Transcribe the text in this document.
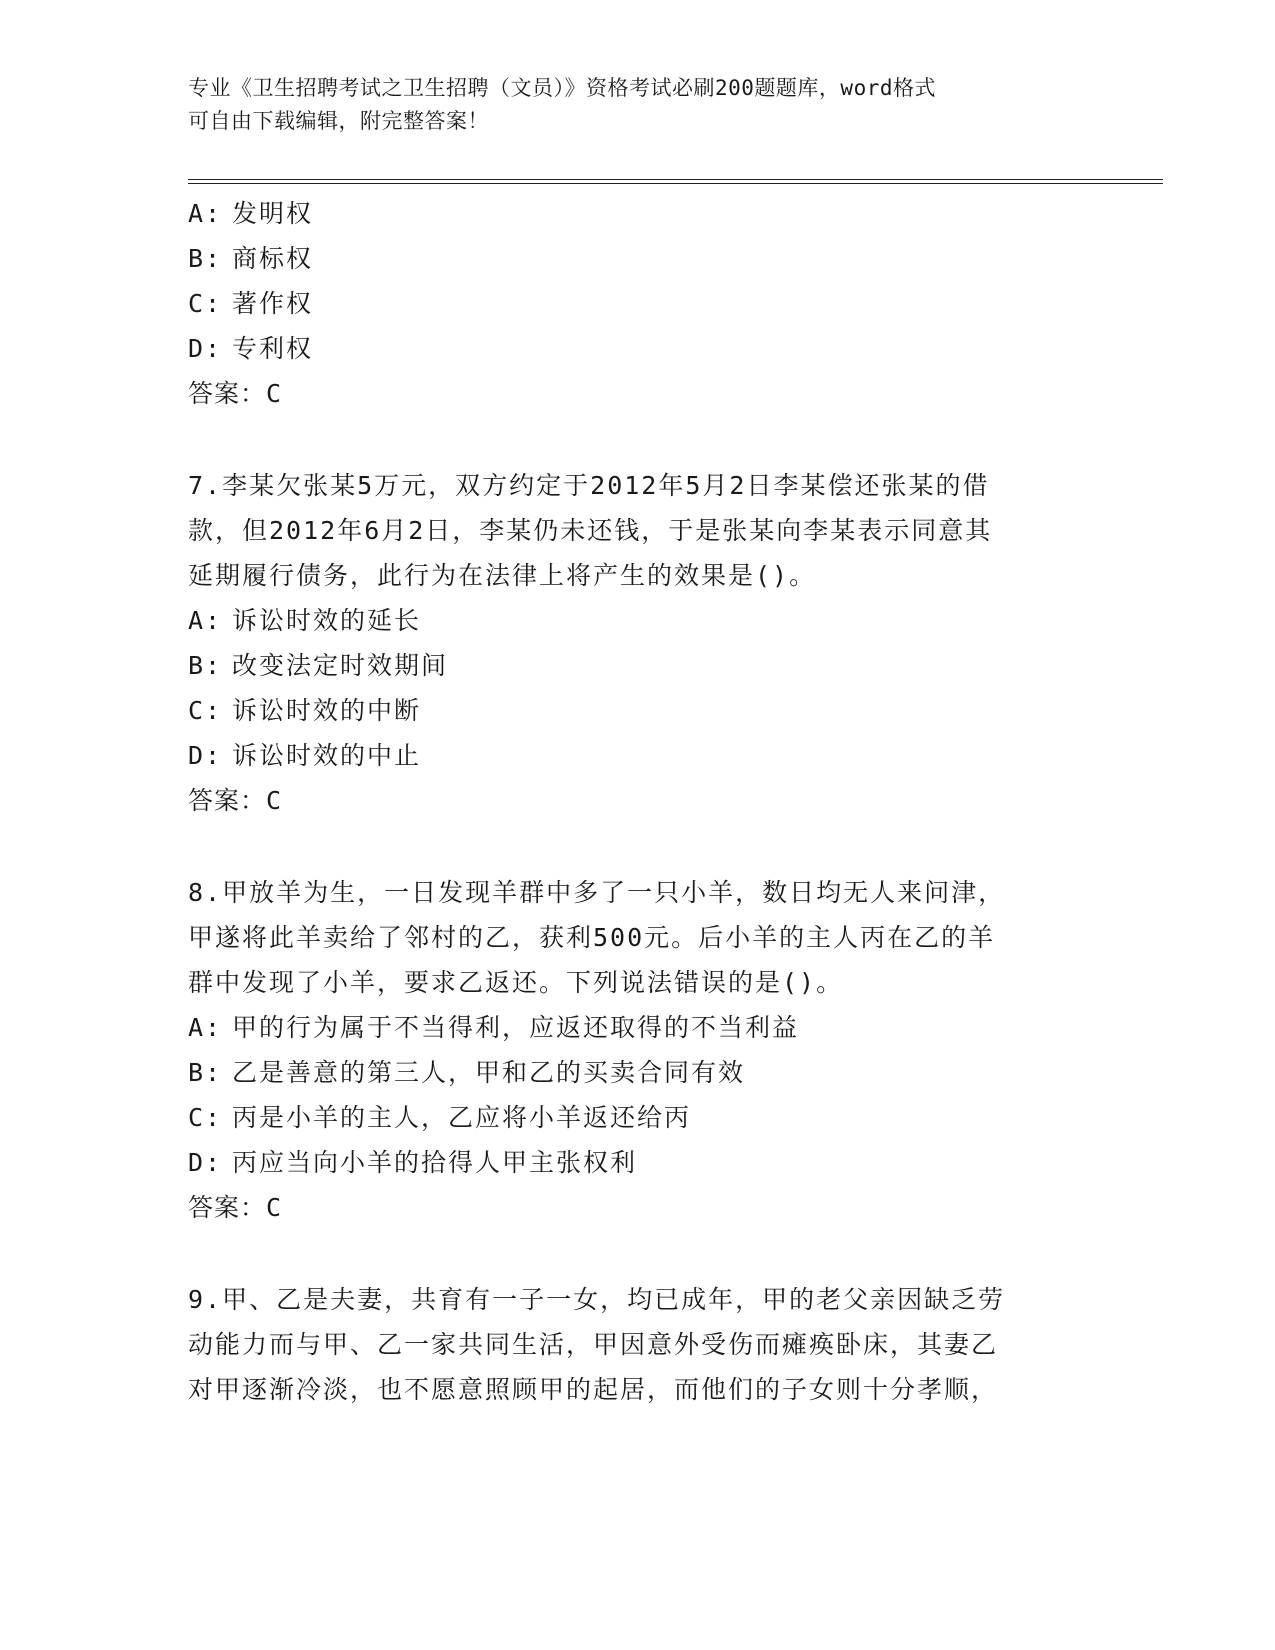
专业《卫生招聘考试之卫生招聘（文员）》资格考试必刷200题题库，word格式
可自由下载编辑，附完整答案！
A: 发明权
B: 商标权
C: 著作权
D: 专利权
答案：C
7.李某欠张某5万元，双方约定于2012年5月2日李某偿还张某的借
款，但2012年6月2日，李某仍未还钱，于是张某向李某表示同意其
延期履行债务，此行为在法律上将产生的效果是()。
A: 诉讼时效的延长
B: 改变法定时效期间
C: 诉讼时效的中断
D: 诉讼时效的中止
答案：C
8.甲放羊为生，一日发现羊群中多了一只小羊，数日均无人来问津，
甲遂将此羊卖给了邻村的乙，获利500元。后小羊的主人丙在乙的羊
群中发现了小羊，要求乙返还。下列说法错误的是()。
A: 甲的行为属于不当得利，应返还取得的不当利益
B: 乙是善意的第三人，甲和乙的买卖合同有效
C: 丙是小羊的主人，乙应将小羊返还给丙
D: 丙应当向小羊的拾得人甲主张权利
答案：C
9.甲、乙是夫妻，共育有一子一女，均已成年，甲的老父亲因缺乏劳
动能力而与甲、乙一家共同生活，甲因意外受伤而瘫痪卧床，其妻乙
对甲逐渐冷淡，也不愿意照顾甲的起居，而他们的子女则十分孝顺，
